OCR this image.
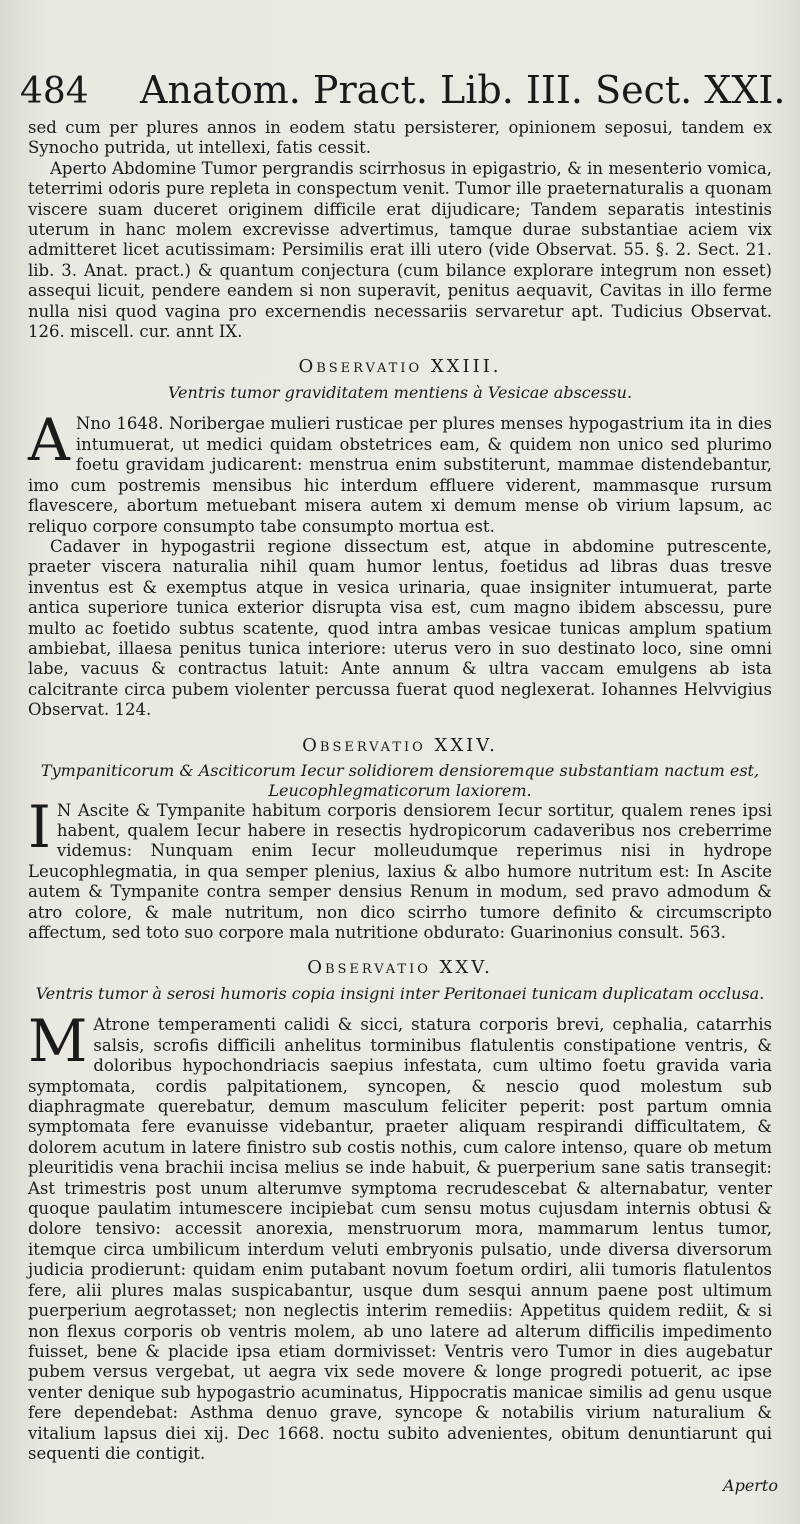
484 Anatom. Pract. Lib. III. Sect. XXI.

sed cum per plures annos in eodem statu persisterer, opinionem seposui, tandem ex Synocho putrida, ut intellexi, fatis cessit.

Aperto Abdomine Tumor pergrandis scirrhosus in epigastrio, & in mesenterio vomica, teterrimi odoris pure repleta in conspectum venit. Tumor ille praeternaturalis a quonam viscere suam duceret originem difficile erat dijudicare; Tandem separatis intestinis uterum in hanc molem excrevisse advertimus, tamque durae substantiae aciem vix admitteret licet acutissimam: Persimilis erat illi utero (vide Observat. 55. §. 2. Sect. 21. lib. 3. Anat. pract.) & quantum conjectura (cum bilance explorare integrum non esset) assequi licuit, pendere eandem si non superavit, penitus aequavit, Cavitas in illo ferme nulla nisi quod vagina pro excernendis necessariis servaretur apt. Tudicius Observat. 126. miscell. cur. annt IX.

Observatio XXIII.
Ventris tumor graviditatem mentiens à Vesicae abscessu.

A Nno 1648. Noribergae mulieri rusticae per plures menses hypogastrium ita in dies intumuerat, ut medici quidam obstetrices eam, & quidem non unico sed plurimo foetu gravidam judicarent: menstrua enim substiterunt, mammae distendebantur, imo cum postremis mensibus hic interdum effluere viderent, mammasque rursum flavescere, abortum metuebant misera autem xi demum mense ob virium lapsum, ac reliquo corpore consumpto tabe consumpto mortua est.

Cadaver in hypogastrii regione dissectum est, atque in abdomine putrescente, praeter viscera naturalia nihil quam humor lentus, foetidus ad libras duas tresve inventus est & exemptus atque in vesica urinaria, quae insigniter intumuerat, parte antica superiore tunica exterior disrupta visa est, cum magno ibidem abscessu, pure multo ac foetido subtus scatente, quod intra ambas vesicae tunicas amplum spatium ambiebat, illaesa penitus tunica interiore: uterus vero in suo destinato loco, sine omni labe, vacuus & contractus latuit: Ante annum & ultra vaccam emulgens ab ista calcitrante circa pubem violenter percussa fuerat quod neglexerat. Iohannes Helvvigius Observat. 124.

Observatio XXIV.
Tympaniticorum & Asciticorum Iecur solidiorem densioremque substantiam nactum est,
Leucophlegmaticorum laxiorem.

I N Ascite & Tympanite habitum corporis densiorem Iecur sortitur, qualem renes ipsi habent, qualem Iecur habere in resectis hydropicorum cadaveribus nos creberrime videmus: Nunquam enim Iecur molleudumque reperimus nisi in hydrope Leucophlegmatia, in qua semper plenius, laxius & albo humore nutritum est: In Ascite autem & Tympanite contra semper densius Renum in modum, sed pravo admodum & atro colore, & male nutritum, non dico scirrho tumore definito & circumscripto affectum, sed toto suo corpore mala nutritione obdurato: Guarinonius consult. 563.

Observatio XXV.
Ventris tumor à serosi humoris copia insigni inter Peritonaei tunicam duplicatam occlusa.

M Atrone temperamenti calidi & sicci, statura corporis brevi, cephalia, catarrhis salsis, scrofis difficili anhelitus torminibus flatulentis constipatione ventris, & doloribus hypochondriacis saepius infestata, cum ultimo foetu gravida varia symptomata, cordis palpitationem, syncopen, & nescio quod molestum sub diaphragmate querebatur, demum masculum feliciter peperit: post partum omnia symptomata fere evanuisse videbantur, praeter aliquam respirandi difficultatem, & dolorem acutum in latere finistro sub costis nothis, cum calore intenso, quare ob metum pleuritidis vena brachii incisa melius se inde habuit, & puerperium sane satis transegit: Ast trimestris post unum alterumve symptoma recrudescebat & alternabatur, venter quoque paulatim intumescere incipiebat cum sensu motus cujusdam internis obtusi & dolore tensivo: accessit anorexia, menstruorum mora, mammarum lentus tumor, itemque circa umbilicum interdum veluti embryonis pulsatio, unde diversa diversorum judicia prodierunt: quidam enim putabant novum foetum ordiri, alii tumoris flatulentos fere, alii plures malas suspicabantur, usque dum sesqui annum paene post ultimum puerperium aegrotasset; non neglectis interim remediis: Appetitus quidem rediit, & si non flexus corporis ob ventris molem, ab uno latere ad alterum difficilis impedimento fuisset, bene & placide ipsa etiam dormivisset: Ventris vero Tumor in dies augebatur pubem versus vergebat, ut aegra vix sede movere & longe progredi potuerit, ac ipse venter denique sub hypogastrio acuminatus, Hippocratis manicae similis ad genu usque fere dependebat: Asthma denuo grave, syncope & notabilis virium naturalium & vitalium lapsus diei xij. Dec 1668. noctu subito advenientes, obitum denuntiarunt qui sequenti die contigit.

Aperto
